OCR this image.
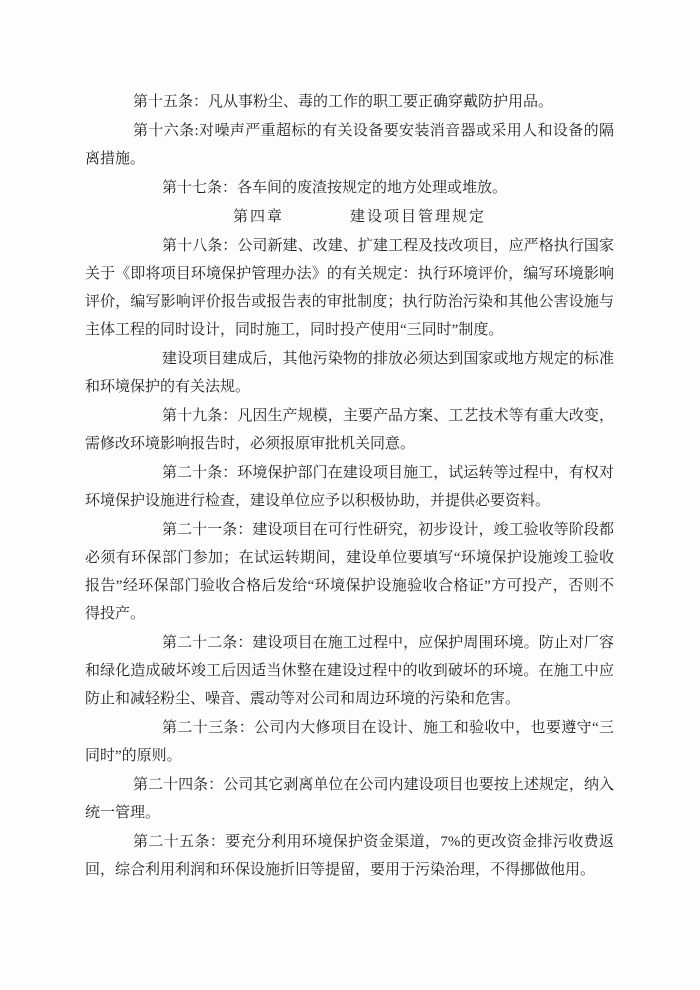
第十五条：凡从事粉尘、毒的工作的职工要正确穿戴防护用品。

第十六条:对噪声严重超标的有关设备要安装消音器或采用人和设备的隔离措施。

第十七条：各车间的废渣按规定的地方处理或堆放。

第四章	建设项目管理规定

第十八条：公司新建、改建、扩建工程及技改项目，应严格执行国家关于《即将项目环境保护管理办法》的有关规定：执行环境评价，编写环境影响评价，编写影响评价报告或报告表的审批制度；执行防治污染和其他公害设施与主体工程的同时设计，同时施工，同时投产使用“三同时”制度。

建设项目建成后，其他污染物的排放必须达到国家或地方规定的标准和环境保护的有关法规。

第十九条：凡因生产规模，主要产品方案、工艺技术等有重大改变，需修改环境影响报告时，必须报原审批机关同意。

第二十条：环境保护部门在建设项目施工，试运转等过程中，有权对环境保护设施进行检查，建设单位应予以积极协助，并提供必要资料。

第二十一条：建设项目在可行性研究，初步设计，竣工验收等阶段都必须有环保部门参加；在试运转期间，建设单位要填写“环境保护设施竣工验收报告”经环保部门验收合格后发给“环境保护设施验收合格证”方可投产，否则不得投产。

第二十二条：建设项目在施工过程中，应保护周围环境。防止对厂容和绿化造成破坏竣工后因适当休整在建设过程中的收到破坏的环境。在施工中应防止和减轻粉尘、噪音、震动等对公司和周边环境的污染和危害。

第二十三条：公司内大修项目在设计、施工和验收中，也要遵守“三同时”的原则。

第二十四条：公司其它剥离单位在公司内建设项目也要按上述规定，纳入统一管理。

第二十五条：要充分利用环境保护资金渠道，7%的更改资金排污收费返回，综合利用利润和环保设施折旧等提留，要用于污染治理，不得挪做他用。
